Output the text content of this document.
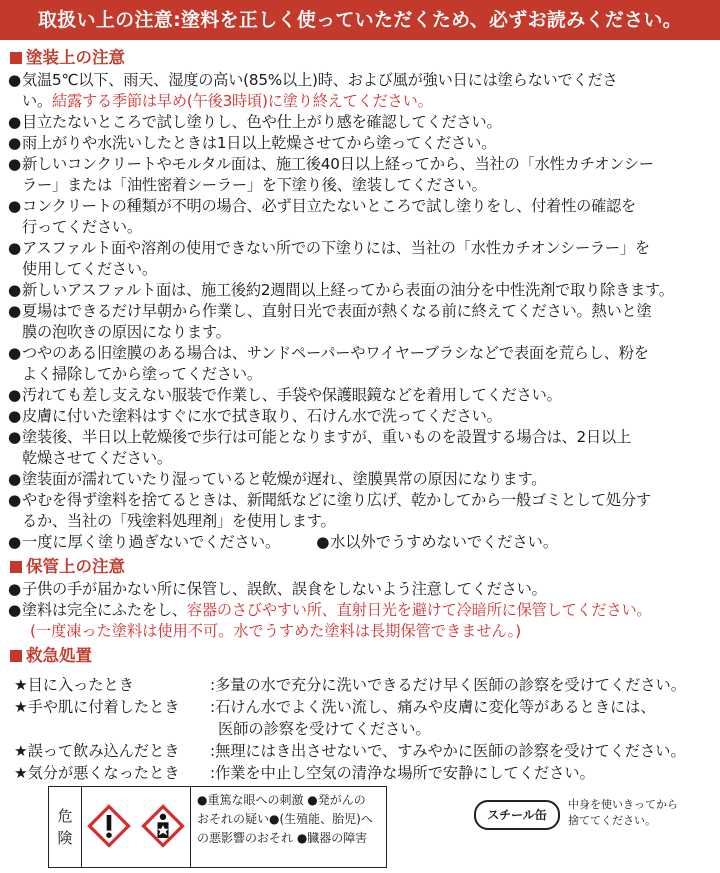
取扱い上の注意:塗料を正しく使っていただくため、必ずお読みください。
塗装上の注意
● 気温5℃以下、雨天、湿度の高い(85%以上)時、および風が強い日には塗らないでくださ
い。結露する季節は早め(午後3時頃)に塗り終えてください。
● 目立たないところで試し塗りし、色や仕上がり感を確認してください。
● 雨上がりや水洗いしたときは1日以上乾燥させてから塗ってください。
● 新しいコンクリートやモルタル面は、施工後40日以上経ってから、当社の「水性カチオンシー
ラー」または「油性密着シーラー」を下塗り後、塗装してください。
● コンクリートの種類が不明の場合、必ず目立たないところで試し塗りをし、付着性の確認を
行ってください。
● アスファルト面や溶剤の使用できない所での下塗りには、当社の「水性カチオンシーラー」を
使用してください。
● 新しいアスファルト面は、施工後約2週間以上経ってから表面の油分を中性洗剤で取り除きます。
● 夏場はできるだけ早朝から作業し、直射日光で表面が熱くなる前に終えてください。熱いと塗
膜の泡吹きの原因になります。
● つやのある旧塗膜のある場合は、サンドペーパーやワイヤーブラシなどで表面を荒らし、粉を
よく掃除してから塗ってください。
● 汚れても差し支えない服装で作業し、手袋や保護眼鏡などを着用してください。
● 皮膚に付いた塗料はすぐに水で拭き取り、石けん水で洗ってください。
● 塗装後、半日以上乾燥後で歩行は可能となりますが、重いものを設置する場合は、2日以上
乾燥させてください。
● 塗装面が濡れていたり湿っていると乾燥が遅れ、塗膜異常の原因になります。
● やむを得ず塗料を捨てるときは、新聞紙などに塗り広げ、乾かしてから一般ゴミとして処分す
るか、当社の「残塗料処理剤」を使用します。
● 一度に厚く塗り過ぎないでください。 ● 水以外でうすめないでください。
保管上の注意
● 子供の手が届かない所に保管し、誤飲、誤食をしないよう注意してください。
● 塗料は完全にふたをし、容器のさびやすい所、直射日光を避けて冷暗所に保管してください。
(一度凍った塗料は使用不可。水でうすめた塗料は長期保管できません。)
救急処置
★目に入ったとき	:多量の水で充分に洗いできるだけ早く医師の診察を受けてください。
★手や肌に付着したとき	:石けん水でよく洗い流し、痛みや皮膚に変化等があるときには、
医師の診察を受けてください。
★誤って飲み込んだとき	:無理にはき出させないで、すみやかに医師の診察を受けてください。
★気分が悪くなったとき	:作業を中止し空気の清浄な場所で安静にしてください。
危
険
●重篤な眼への刺激 ●発がんの
おそれの疑い●(生殖能、胎児)へ
の悪影響のおそれ ●臓器の障害
スチール缶
中身を使いきってから
捨ててください。
